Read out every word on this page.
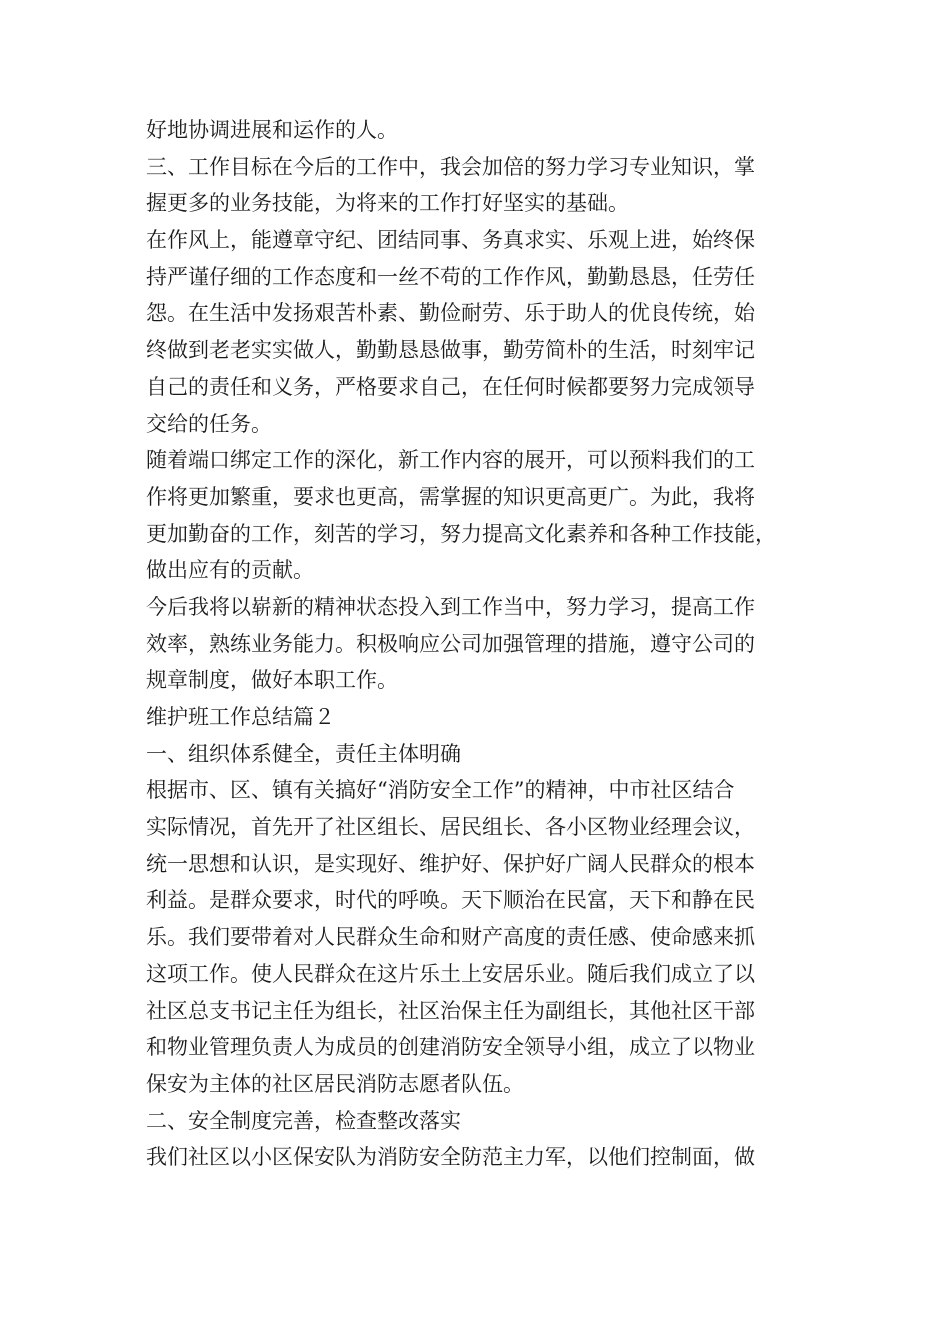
好地协调进展和运作的人。
三、工作目标在今后的工作中，我会加倍的努力学习专业知识，掌
握更多的业务技能，为将来的工作打好坚实的基础。
在作风上，能遵章守纪、团结同事、务真求实、乐观上进，始终保
持严谨仔细的工作态度和一丝不苟的工作作风，勤勤恳恳，任劳任
怨。在生活中发扬艰苦朴素、勤俭耐劳、乐于助人的优良传统，始
终做到老老实实做人，勤勤恳恳做事，勤劳简朴的生活，时刻牢记
自己的责任和义务，严格要求自己，在任何时候都要努力完成领导
交给的任务。
随着端口绑定工作的深化，新工作内容的展开，可以预料我们的工
作将更加繁重，要求也更高，需掌握的知识更高更广。为此，我将
更加勤奋的工作，刻苦的学习，努力提高文化素养和各种工作技能，
做出应有的贡献。
今后我将以崭新的精神状态投入到工作当中，努力学习，提高工作
效率，熟练业务能力。积极响应公司加强管理的措施，遵守公司的
规章制度，做好本职工作。
维护班工作总结篇２
一、组织体系健全，责任主体明确
根据市、区、镇有关搞好“消防安全工作”的精神，中市社区结合
实际情况，首先开了社区组长、居民组长、各小区物业经理会议，
统一思想和认识，是实现好、维护好、保护好广阔人民群众的根本
利益。是群众要求，时代的呼唤。天下顺治在民富，天下和静在民
乐。我们要带着对人民群众生命和财产高度的责任感、使命感来抓
这项工作。使人民群众在这片乐土上安居乐业。随后我们成立了以
社区总支书记主任为组长，社区治保主任为副组长，其他社区干部
和物业管理负责人为成员的创建消防安全领导小组，成立了以物业
保安为主体的社区居民消防志愿者队伍。
二、安全制度完善，检查整改落实
我们社区以小区保安队为消防安全防范主力军，以他们控制面，做
